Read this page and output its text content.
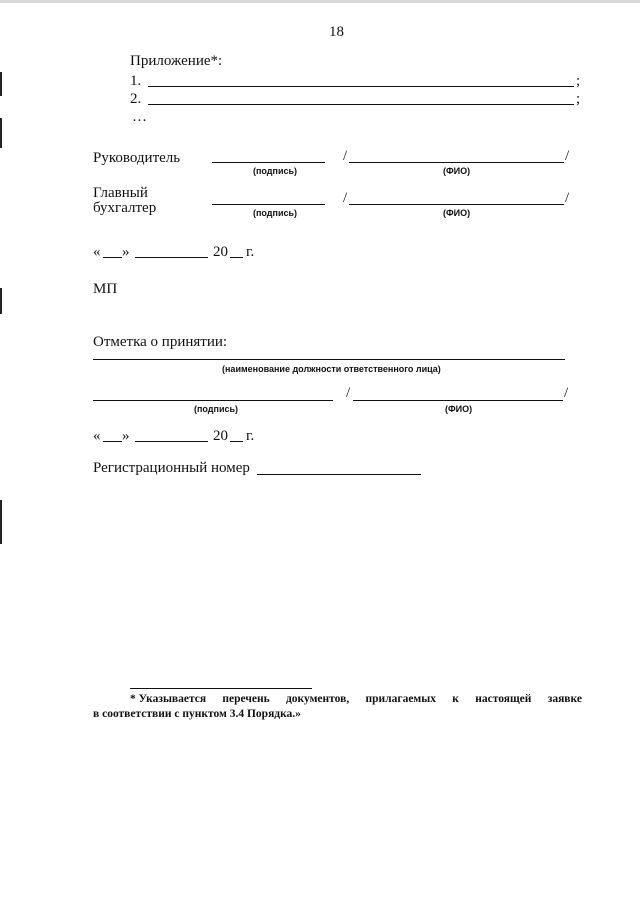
18
Приложение*:
1.	;
2.	;
…
Руководитель	/	/
(подпись)	(ФИО)
Главный
бухгалтер
/	/
(подпись)	(ФИО)
« »	20 г.
МП
Отметка о принятии:
(наименование должности ответственного лица)
/	/
(подпись)	(ФИО)
« »	20 г.
Регистрационный номер
* Указывается перечень документов, прилагаемых к настоящей заявке
в соответствии с пунктом 3.4 Порядка.»
